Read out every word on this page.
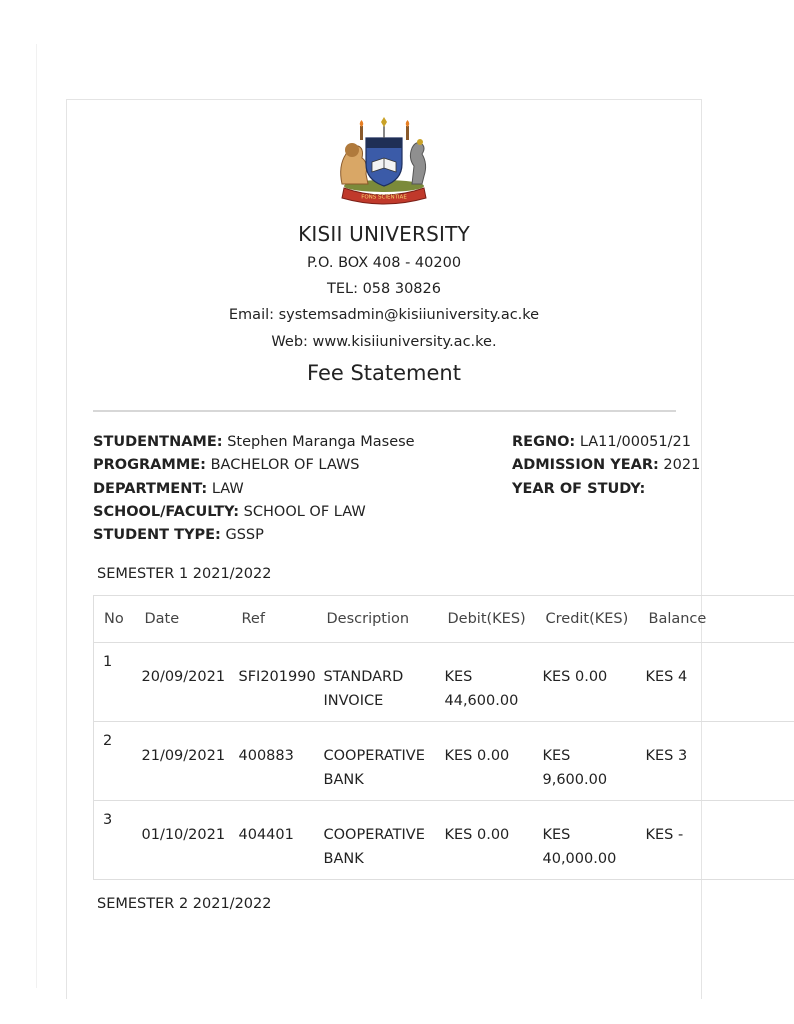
FONS SCIENTIAE
KISII UNIVERSITY
P.O. BOX 408 - 40200
TEL: 058 30826
Email: systemsadmin@kisiiuniversity.ac.ke
Web: www.kisiiuniversity.ac.ke.
Fee Statement
STUDENTNAME: Stephen Maranga Masese
PROGRAMME: BACHELOR OF LAWS
DEPARTMENT: LAW
SCHOOL/FACULTY: SCHOOL OF LAW
STUDENT TYPE: GSSP
REGNO: LA11/00051/21
ADMISSION YEAR: 2021
YEAR OF STUDY:
SEMESTER 1 2021/2022
No	Date	Ref	Description	Debit(KES)	Credit(KES)	Balance

1	20/09/2021	SFI201990	STANDARD INVOICE	KES 44,600.00	KES 0.00	KES 4

2	21/09/2021	400883	COOPERATIVE BANK	KES 0.00	KES 9,600.00	KES 3

3	01/10/2021	404401	COOPERATIVE BANK	KES 0.00	KES 40,000.00	KES -
SEMESTER 2 2021/2022
